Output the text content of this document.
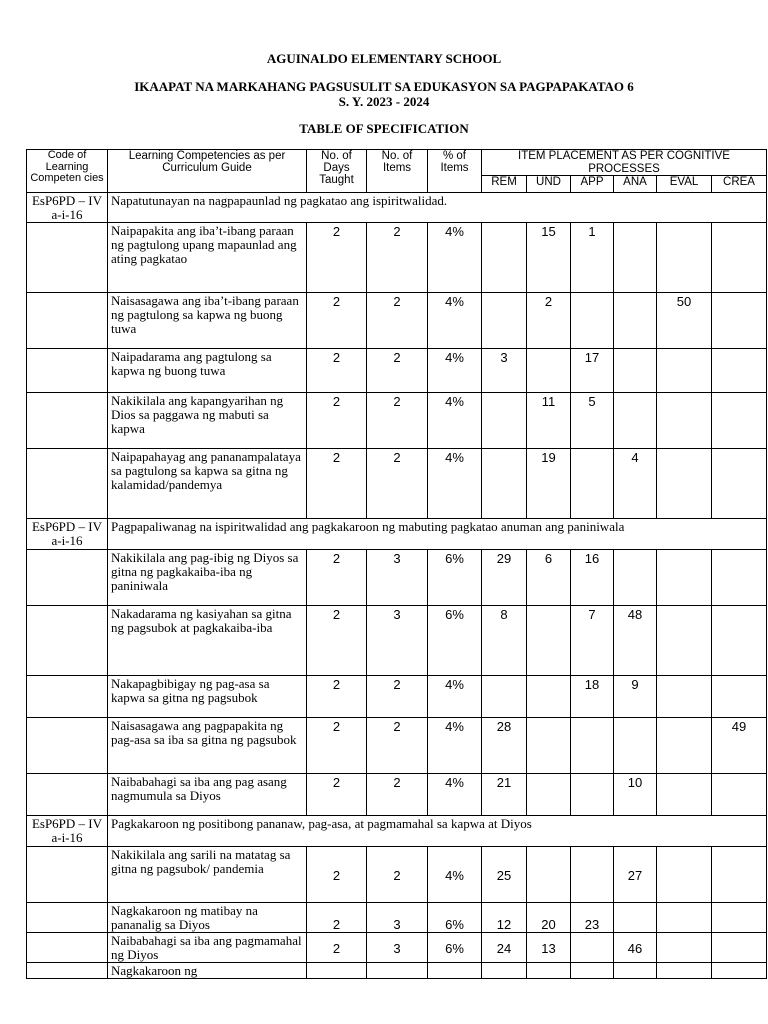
AGUINALDO ELEMENTARY SCHOOL
IKAAPAT NA MARKAHANG PAGSUSULIT SA EDUKASYON SA PAGPAPAKATAO 6
S. Y. 2023 - 2024
TABLE OF SPECIFICATION
Code of Learning Competen cies	Learning Competencies as per Curriculum Guide	No. of Days Taught	No. of Items	% of Items	ITEM PLACEMENT AS PER COGNITIVE PROCESSES					
					REM	UND	APP	ANA	EVAL	CREA
EsP6PD – IV a-i-16	Napatutunayan na nagpapaunlad ng pagkatao ang ispiritwalidad.									
	Naipapakita ang iba’t-ibang paraan ng pagtulong upang mapaunlad ang ating pagkatao	2	2	4%		15	1			
	Naisasagawa ang iba’t-ibang paraan ng pagtulong sa kapwa ng buong tuwa	2	2	4%		2			50	
	Naipadarama ang pagtulong sa kapwa ng buong tuwa	2	2	4%	3		17			
	Nakikilala ang kapangyarihan ng Dios sa paggawa ng mabuti sa kapwa	2	2	4%		11	5			
	Naipapahayag ang pananampalataya sa pagtulong sa kapwa sa gitna ng kalamidad/pandemya	2	2	4%		19		4		
EsP6PD – IV a-i-16	Pagpapaliwanag na ispiritwalidad ang pagkakaroon ng mabuting pagkatao anuman ang paniniwala									
	Nakikilala ang pag-ibig ng Diyos sa gitna ng pagkakaiba-iba ng paniniwala	2	3	6%	29	6	16			
	Nakadarama ng kasiyahan sa gitna ng pagsubok at pagkakaiba-iba	2	3	6%	8		7	48		
	Nakapagbibigay ng pag-asa sa kapwa sa gitna ng pagsubok	2	2	4%			18	9		
	Naisasagawa ang pagpapakita ng pag-asa sa iba sa gitna ng pagsubok	2	2	4%	28					49
	Naibabahagi sa iba ang pag asang nagmumula sa Diyos	2	2	4%	21			10		
EsP6PD – IV a-i-16	Pagkakaroon ng positibong pananaw, pag-asa, at pagmamahal sa kapwa at Diyos									
	Nakikilala ang sarili na matatag sa gitna ng pagsubok/ pandemia	2	2	4%	25			27		
	Nagkakaroon ng matibay na pananalig sa Diyos	2	3	6%	12	20	23			
	Naibabahagi sa iba ang pagmamahal ng Diyos	2	3	6%	24	13		46		
	Nagkakaroon ng									
